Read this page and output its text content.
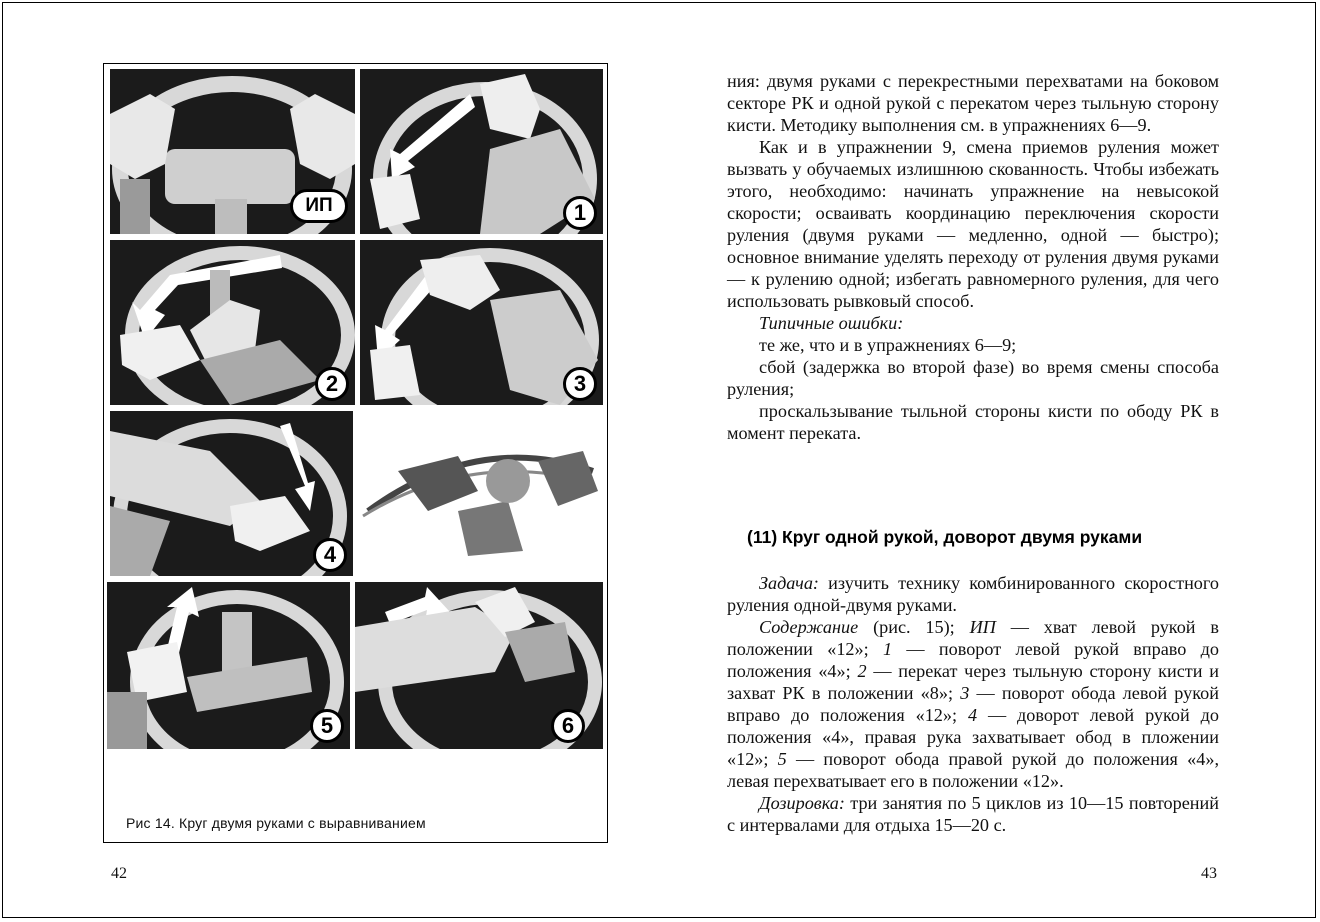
ИП	1
2	3
4
5	6
Рис 14. Круг двумя руками с выравниванием
42

ния: двумя руками с перекрестными перехватами на боковом секторе РК и одной рукой с перекатом через тыльную сторону кисти. Методику выполнения см. в упражнениях 6—9.

Как и в упражнении 9, смена приемов руления может вызвать у обучаемых излишнюю скованность. Чтобы избежать этого, необходимо: начинать упражнение на невысокой скорости; осваивать координацию переключения скорости руления (двумя руками — медленно, одной — быстро); основное внимание уделять переходу от руления двумя руками — к рулению одной; избегать равномерного руления, для чего использовать рывковый способ.

Типичные ошибки:

те же, что и в упражнениях 6—9;

сбой (задержка во второй фазе) во время смены способа руления;

проскальзывание тыльной стороны кисти по ободу РК в момент переката.

(11) Круг одной рукой, доворот двумя руками

Задача: изучить технику комбинированного скоростного руления одной-двумя руками.

Содержание (рис. 15); ИП — хват левой рукой в положении «12»; 1 — поворот левой рукой вправо до положения «4»; 2 — перекат через тыльную сторону кисти и захват РК в положении «8»; 3 — поворот обода левой рукой вправо до положения «12»; 4 — доворот левой рукой до положения «4», правая рука захватывает обод в плoжении «12»; 5 — поворот обода правой рукой до положения «4», левая перехватывает его в положении «12».

Дозировка: три занятия по 5 циклов из 10—15 повторений с интервалами для отдыха 15—20 с.

43
